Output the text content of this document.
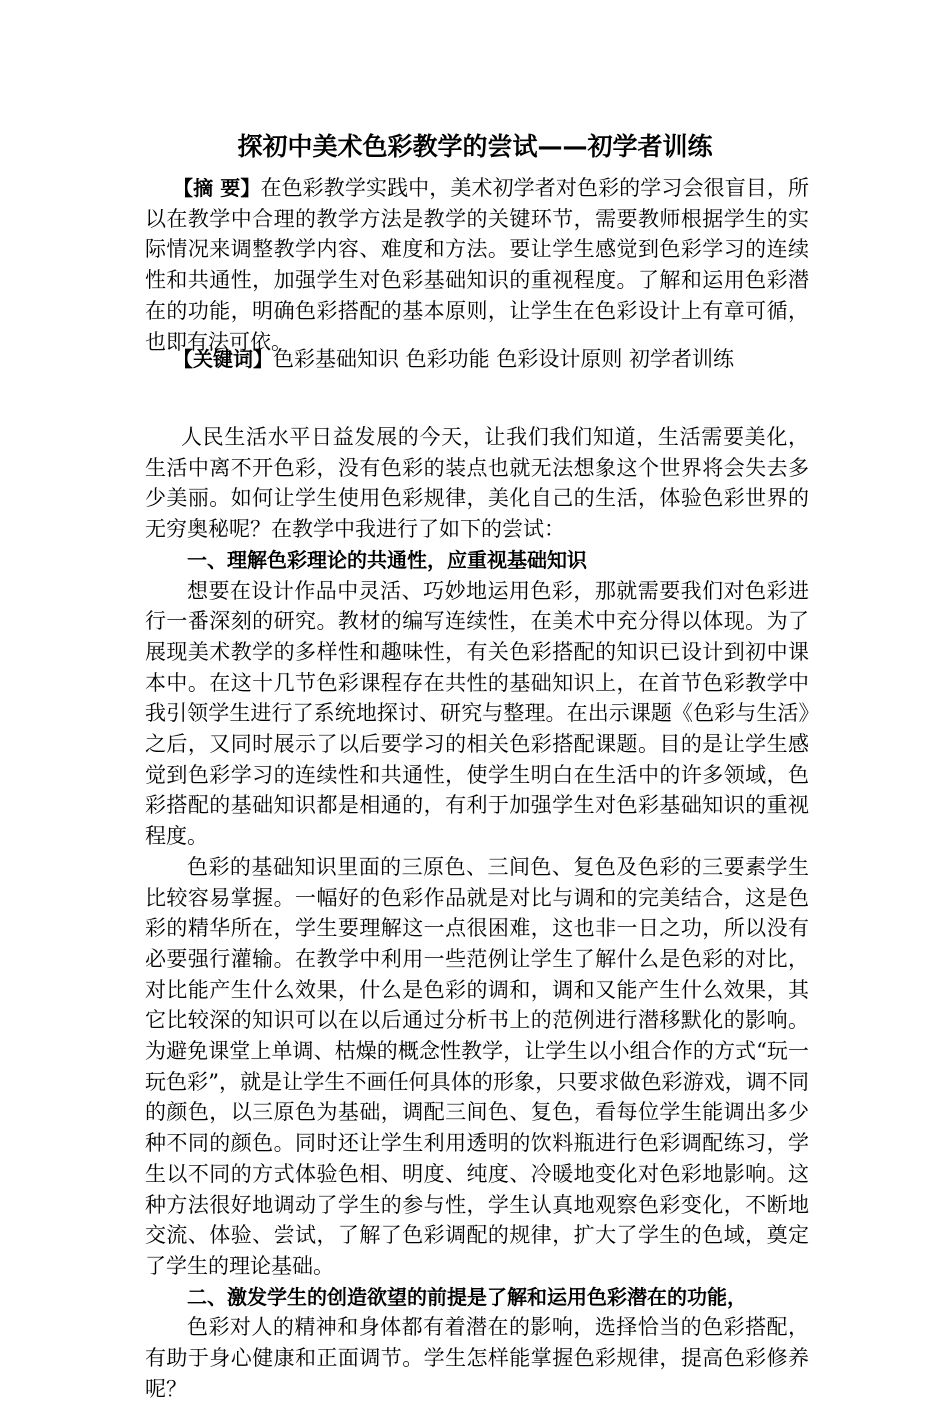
探初中美术色彩教学的尝试——初学者训练

【摘 要】在色彩教学实践中，美术初学者对色彩的学习会很盲目，所以在教学中合理的教学方法是教学的关键环节，需要教师根据学生的实际情况来调整教学内容、难度和方法。要让学生感觉到色彩学习的连续性和共通性，加强学生对色彩基础知识的重视程度。了解和运用色彩潜在的功能，明确色彩搭配的基本原则，让学生在色彩设计上有章可循，也即有法可依。

【关键词】色彩基础知识 色彩功能 色彩设计原则 初学者训练

人民生活水平日益发展的今天，让我们我们知道，生活需要美化，生活中离不开色彩，没有色彩的装点也就无法想象这个世界将会失去多少美丽。如何让学生使用色彩规律，美化自己的生活，体验色彩世界的无穷奥秘呢？在教学中我进行了如下的尝试：

一、理解色彩理论的共通性，应重视基础知识

想要在设计作品中灵活、巧妙地运用色彩，那就需要我们对色彩进行一番深刻的研究。教材的编写连续性，在美术中充分得以体现。为了展现美术教学的多样性和趣味性，有关色彩搭配的知识已设计到初中课本中。在这十几节色彩课程存在共性的基础知识上，在首节色彩教学中我引领学生进行了系统地探讨、研究与整理。在出示课题《色彩与生活》之后，又同时展示了以后要学习的相关色彩搭配课题。目的是让学生感觉到色彩学习的连续性和共通性，使学生明白在生活中的许多领域，色彩搭配的基础知识都是相通的，有利于加强学生对色彩基础知识的重视程度。

色彩的基础知识里面的三原色、三间色、复色及色彩的三要素学生比较容易掌握。一幅好的色彩作品就是对比与调和的完美结合，这是色彩的精华所在，学生要理解这一点很困难，这也非一日之功，所以没有必要强行灌输。在教学中利用一些范例让学生了解什么是色彩的对比，对比能产生什么效果，什么是色彩的调和，调和又能产生什么效果，其它比较深的知识可以在以后通过分析书上的范例进行潜移默化的影响。为避免课堂上单调、枯燥的概念性教学，让学生以小组合作的方式“玩一玩色彩”，就是让学生不画任何具体的形象，只要求做色彩游戏，调不同的颜色，以三原色为基础，调配三间色、复色，看每位学生能调出多少种不同的颜色。同时还让学生利用透明的饮料瓶进行色彩调配练习，学生以不同的方式体验色相、明度、纯度、冷暖地变化对色彩地影响。这种方法很好地调动了学生的参与性，学生认真地观察色彩变化，不断地交流、体验、尝试，了解了色彩调配的规律，扩大了学生的色域，奠定了学生的理论基础。

二、激发学生的创造欲望的前提是了解和运用色彩潜在的功能，

色彩对人的精神和身体都有着潜在的影响，选择恰当的色彩搭配，有助于身心健康和正面调节。学生怎样能掌握色彩规律，提高色彩修养呢？
